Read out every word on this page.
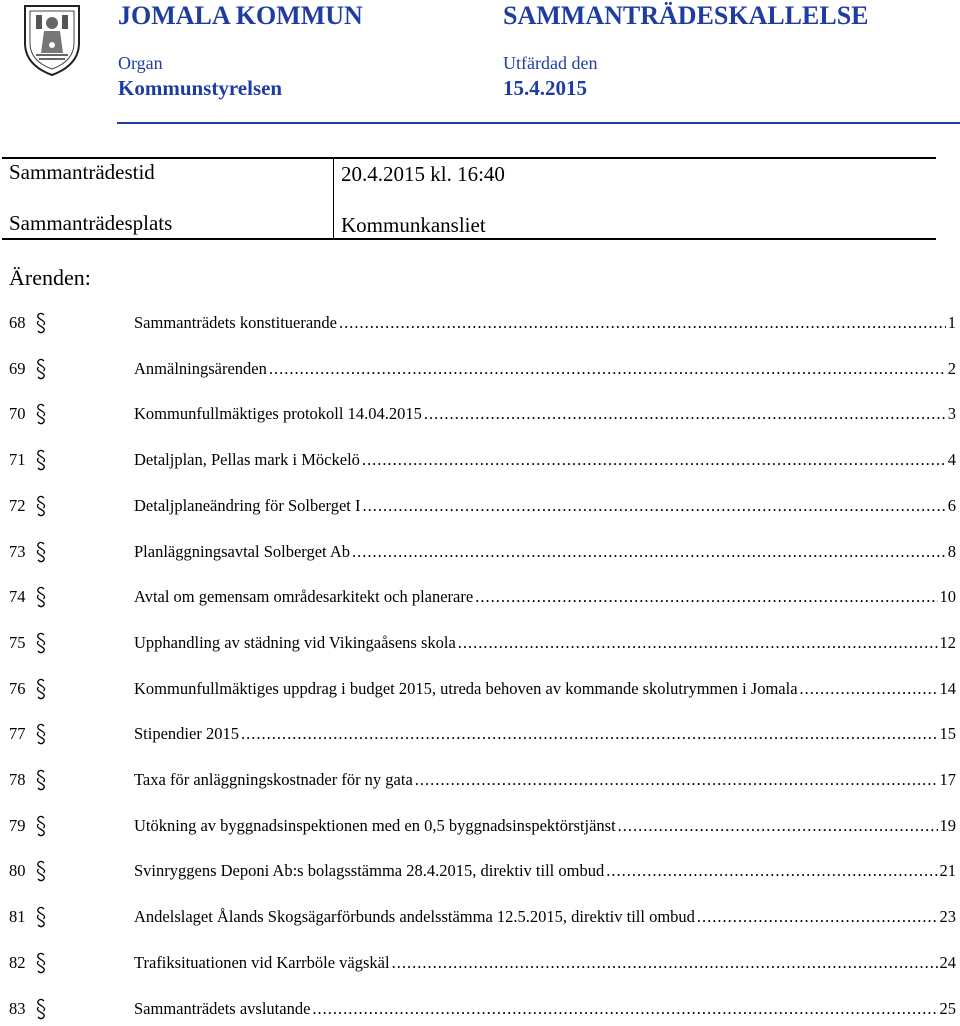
JOMALA KOMMUN	SAMMANTRÄDESKALLELSE
Organ	Utfärdad den
Kommunstyrelsen	15.4.2015
Sammanträdestid	20.4.2015 kl. 16:40
Sammanträdesplats	Kommunkansliet
Ärenden:
68	Sammanträdets konstituerande .....	1
69	Anmälningsärenden .....	2
70	Kommunfullmäktiges protokoll 14.04.2015 .....	3
71	Detaljplan, Pellas mark i Möckelö .....	4
72	Detaljplaneändring för Solberget I .....	6
73	Planläggningsavtal Solberget Ab .....	8
74	Avtal om gemensam områdesarkitekt och planerare .....	10
75	Upphandling av städning vid Vikingaåsens skola .....	12
76	Kommunfullmäktiges uppdrag i budget 2015, utreda behoven av kommande skolutrymmen i Jomala .....	14
77	Stipendier 2015 .....	15
78	Taxa för anläggningskostnader för ny gata .....	17
79	Utökning av byggnadsinspektionen med en 0,5 byggnadsinspektörstjänst .....	19
80	Svinryggens Deponi Ab:s bolagsstämma 28.4.2015, direktiv till ombud .....	21
81	Andelslaget Ålands Skogsägarförbunds andelsstämma 12.5.2015, direktiv till ombud .....	23
82	Trafiksituationen vid Karrböle vägskäl .....	24
83	Sammanträdets avslutande .....	25
